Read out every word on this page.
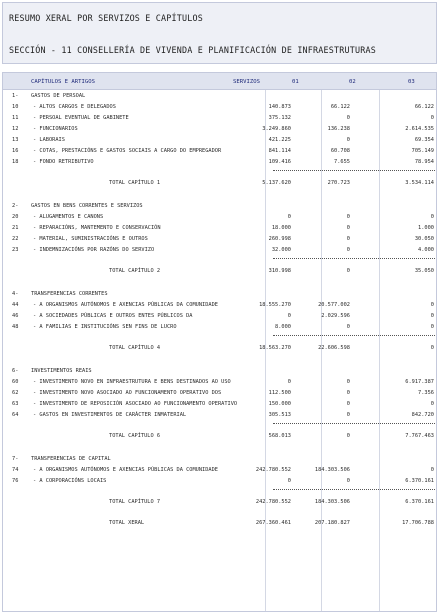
RESUMO XERAL POR SERVIZOS E CAPÍTULOS
SECCIÓN - 11 CONSELLERÍA DE VIVENDA E PLANIFICACIÓN DE INFRAESTRUTURAS
CAPÍTULOS E ARTIGOS	SERVIZOS	01	02	03
1- GASTOS DE PERSOAL
10	- ALTOS CARGOS E DELEGADOS	140.873	66.122	66.122
11	- PERSOAL EVENTUAL DE GABINETE	375.132	0	0
12	- FUNCIONARIOS	3.249.860	136.238	2.614.535
13	- LABORAIS	421.225	0	69.354
16	- COTAS, PRESTACIÓNS E GASTOS SOCIAIS A CARGO DO EMPREGADOR	841.114	60.708	705.149
18	- FONDO RETRIBUTIVO	109.416	7.655	78.954
TOTAL CAPÍTULO 1	5.137.620	270.723	3.534.114
2- GASTOS EN BENS CORRENTES E SERVIZOS
20	- ALUGAMENTOS E CANONS	0	0	0
21	- REPARACIÓNS, MANTEMENTO E CONSERVACIÓN	18.000	0	1.000
22	- MATERIAL, SUMINISTRACIÓNS E OUTROS	260.998	0	30.050
23	- INDEMNIZACIÓNS POR RAZÓNS DO SERVIZO	32.000	0	4.000
TOTAL CAPÍTULO 2	310.998	0	35.050
4- TRANSFERENCIAS CORRENTES
44	- A ORGANISMOS AUTÓNOMOS E AXENCIAS PÚBLICAS DA COMUNIDADE	18.555.270	20.577.002	0
46	- A SOCIEDADES PÚBLICAS E OUTROS ENTES PÚBLICOS DA	0	2.029.596	0
48	- A FAMILIAS E INSTITUCIÓNS SEN FINS DE LUCRO	8.000	0	0
TOTAL CAPÍTULO 4	18.563.270	22.606.598	0
6- INVESTIMENTOS REAIS
60	- INVESTIMENTO NOVO EN INFRAESTRUTURA E BENS DESTINADOS AO USO	0	0	6.917.387
62	- INVESTIMENTO NOVO ASOCIADO AO FUNCIONAMENTO OPERATIVO DOS	112.500	0	7.356
63	- INVESTIMENTO DE REPOSICIÓN ASOCIADO AO FUNCIONAMENTO OPERATIVO	150.000	0	0
64	- GASTOS EN INVESTIMENTOS DE CARÁCTER INMATERIAL	305.513	0	842.720
TOTAL CAPÍTULO 6	568.013	0	7.767.463
7- TRANSFERENCIAS DE CAPITAL
74	- A ORGANISMOS AUTÓNOMOS E AXENCIAS PÚBLICAS DA COMUNIDADE	242.780.552	184.303.506	0
76	- A CORPORACIÓNS LOCAIS	0	0	6.370.161
TOTAL CAPÍTULO 7	242.780.552	184.303.506	6.370.161
TOTAL XERAL	267.360.461	207.180.827	17.706.788
